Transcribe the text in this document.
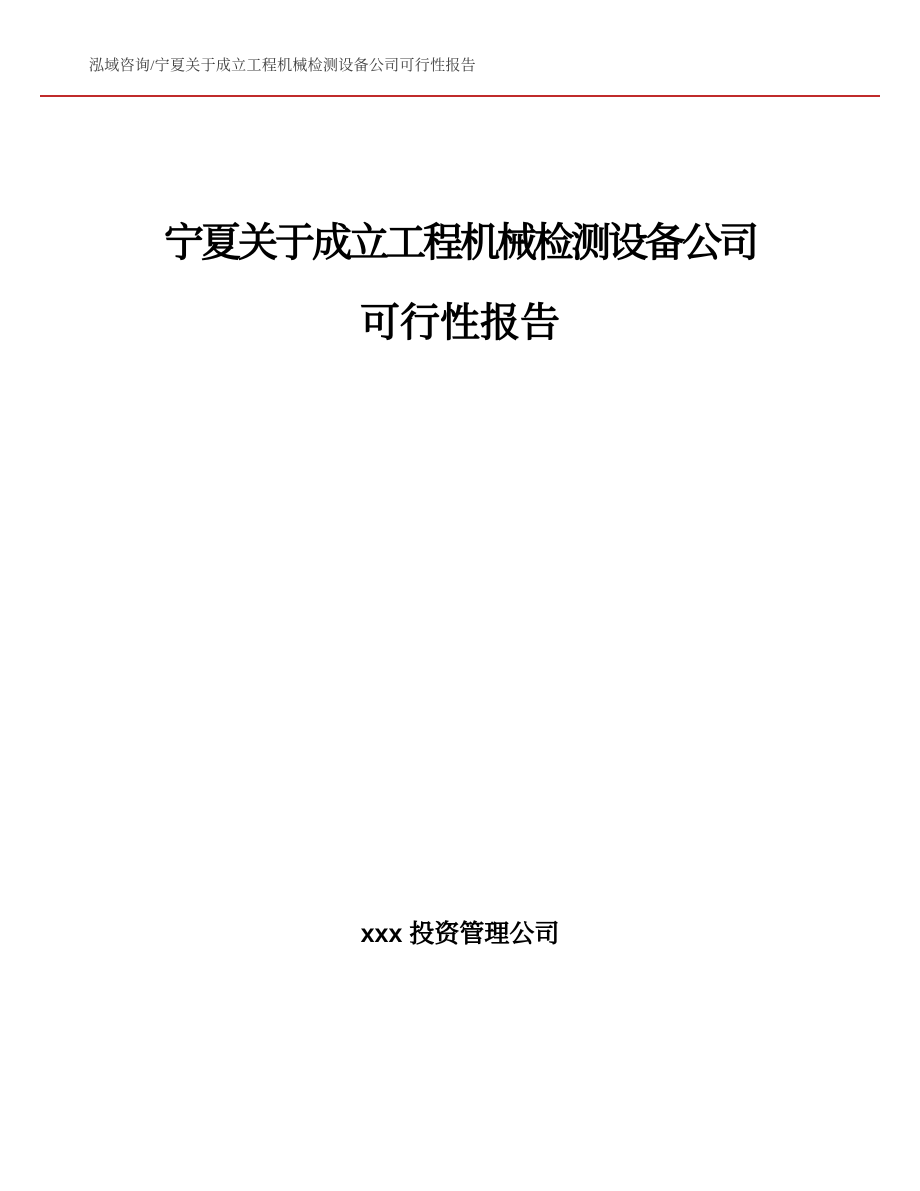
泓域咨询/宁夏关于成立工程机械检测设备公司可行性报告
宁夏关于成立工程机械检测设备公司
可行性报告
xxx 投资管理公司
